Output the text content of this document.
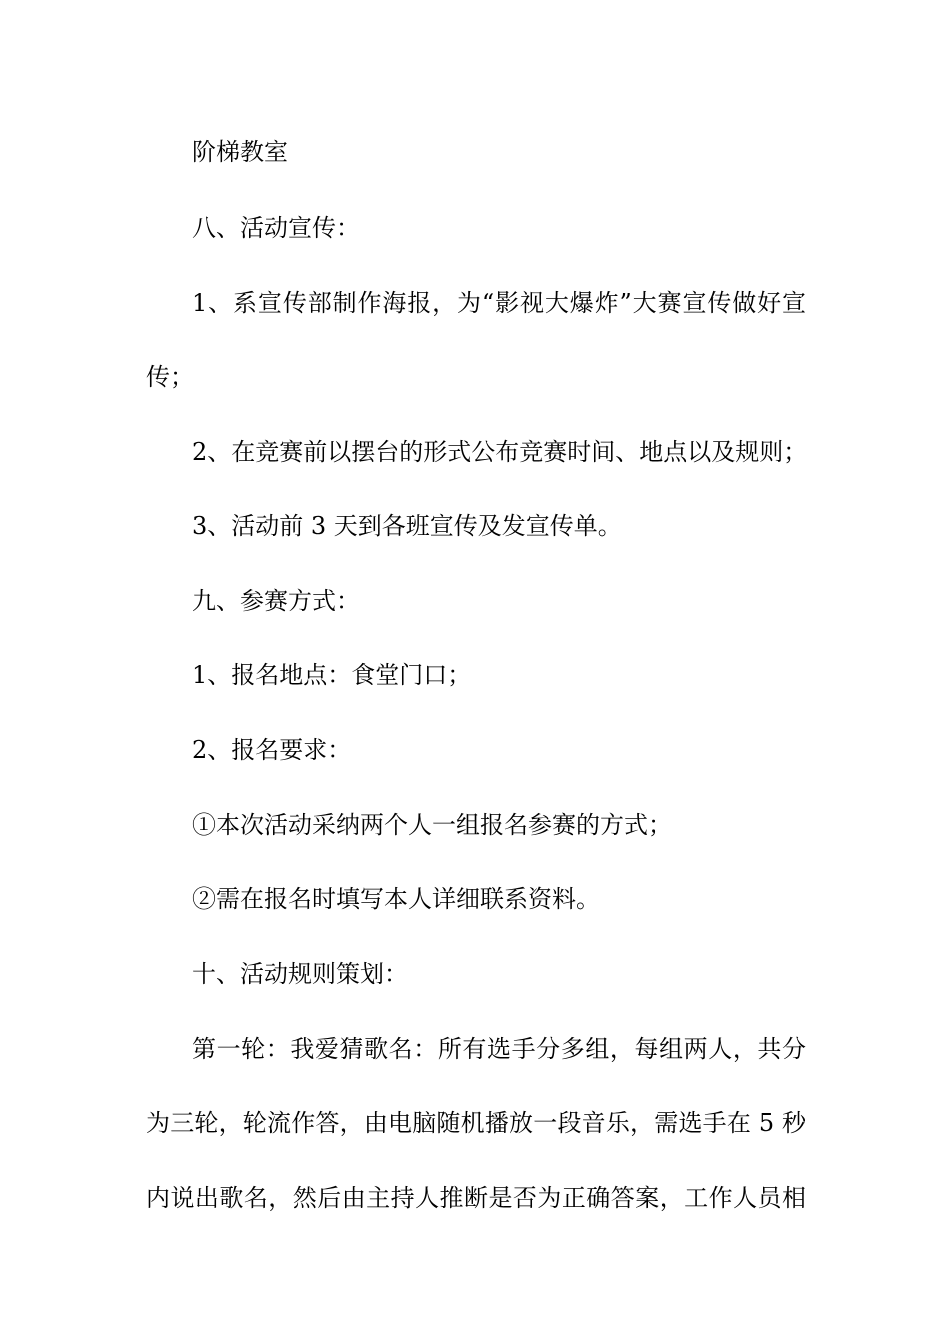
阶梯教室
八、活动宣传：
1、系宣传部制作海报，为“影视大爆炸”大赛宣传做好宣
传；
2、在竞赛前以摆台的形式公布竞赛时间、地点以及规则；
3、活动前 3 天到各班宣传及发宣传单。
九、参赛方式：
1、报名地点：食堂门口；
2、报名要求：
①本次活动采纳两个人一组报名参赛的方式；
②需在报名时填写本人详细联系资料。
十、活动规则策划：
第一轮：我爱猜歌名：所有选手分多组，每组两人，共分
为三轮，轮流作答，由电脑随机播放一段音乐，需选手在 5 秒
内说出歌名，然后由主持人推断是否为正确答案，工作人员相
